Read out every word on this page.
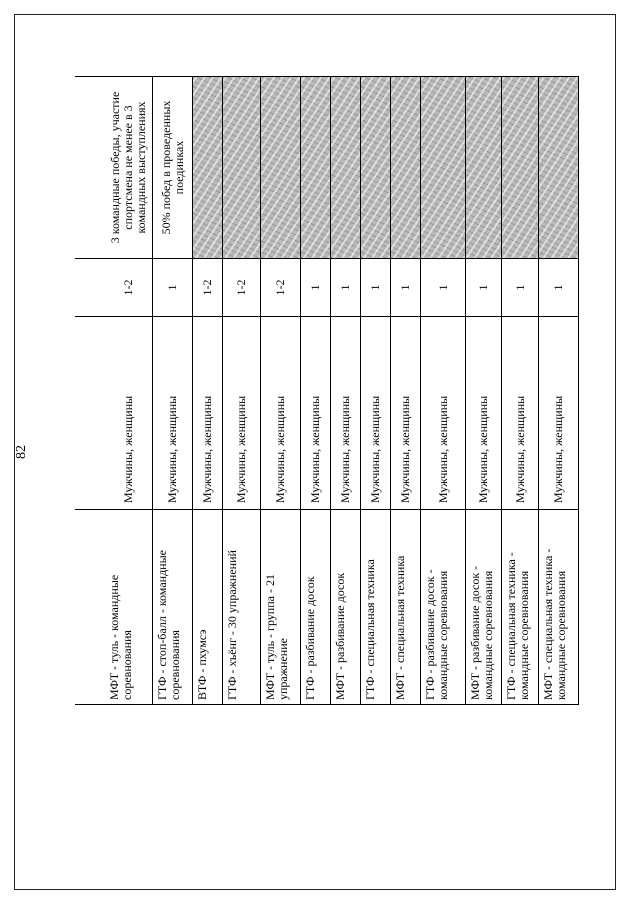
82
МФТ - туль - командные соревнования
Мужчины, женщины
1-2
3 командные победы, участие спортсмена не менее в 3 командных выступлениях
ГТФ - стоп-балл - командные соревнования
Мужчины, женщины
1
50% побед в проведенных поединках
ВТФ - пхумсэ
Мужчины, женщины
1-2
ГТФ - хъёнг - 30 упражнений
Мужчины, женщины
1-2
МФТ - туль - группа - 21 упражнение
Мужчины, женщины
1-2
ГТФ - разбивание досок
Мужчины, женщины
1
МФТ - разбивание досок
Мужчины, женщины
1
ГТФ - специальная техника
Мужчины, женщины
1
МФТ - специальная техника
Мужчины, женщины
1
ГТФ - разбивание досок - командные соревнования
Мужчины, женщины
1
МФТ - разбивание досок - командные соревнования
Мужчины, женщины
1
ГТФ - специальная техника - командные соревнования
Мужчины, женщины
1
МФТ - специальная техника - командные соревнования
Мужчины, женщины
1
